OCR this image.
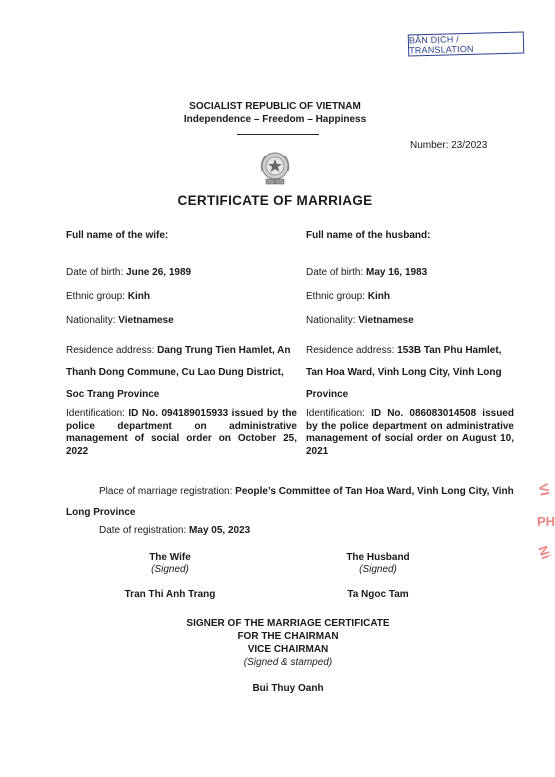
BẢN DỊCH / TRANSLATION
SOCIALIST REPUBLIC OF VIETNAM
Independence – Freedom – Happiness
Number: 23/2023
CERTIFICATE OF MARRIAGE
Full name of the wife:
Date of birth: June 26, 1989
Ethnic group: Kinh
Nationality: Vietnamese
Residence address: Dang Trung Tien Hamlet, An Thanh Dong Commune, Cu Lao Dung District, Soc Trang Province
Identification: ID No. 094189015933 issued by the police department on administrative management of social order on October 25, 2022
Full name of the husband:
Date of birth: May 16, 1983
Ethnic group: Kinh
Nationality: Vietnamese
Residence address: 153B Tan Phu Hamlet, Tan Hoa Ward, Vinh Long City, Vinh Long Province
Identification: ID No. 086083014508 issued by the police department on administrative management of social order on August 10, 2021
Place of marriage registration: People’s Committee of Tan Hoa Ward, Vinh Long City, Vinh Long Province
Date of registration: May 05, 2023
The Wife
(Signed)
Tran Thi Anh Trang
The Husband
(Signed)
Ta Ngoc Tam
SIGNER OF THE MARRIAGE CERTIFICATE
FOR THE CHAIRMAN
VICE CHAIRMAN
(Signed & stamped)
Bui Thuy Oanh
VI
PH
Ni
